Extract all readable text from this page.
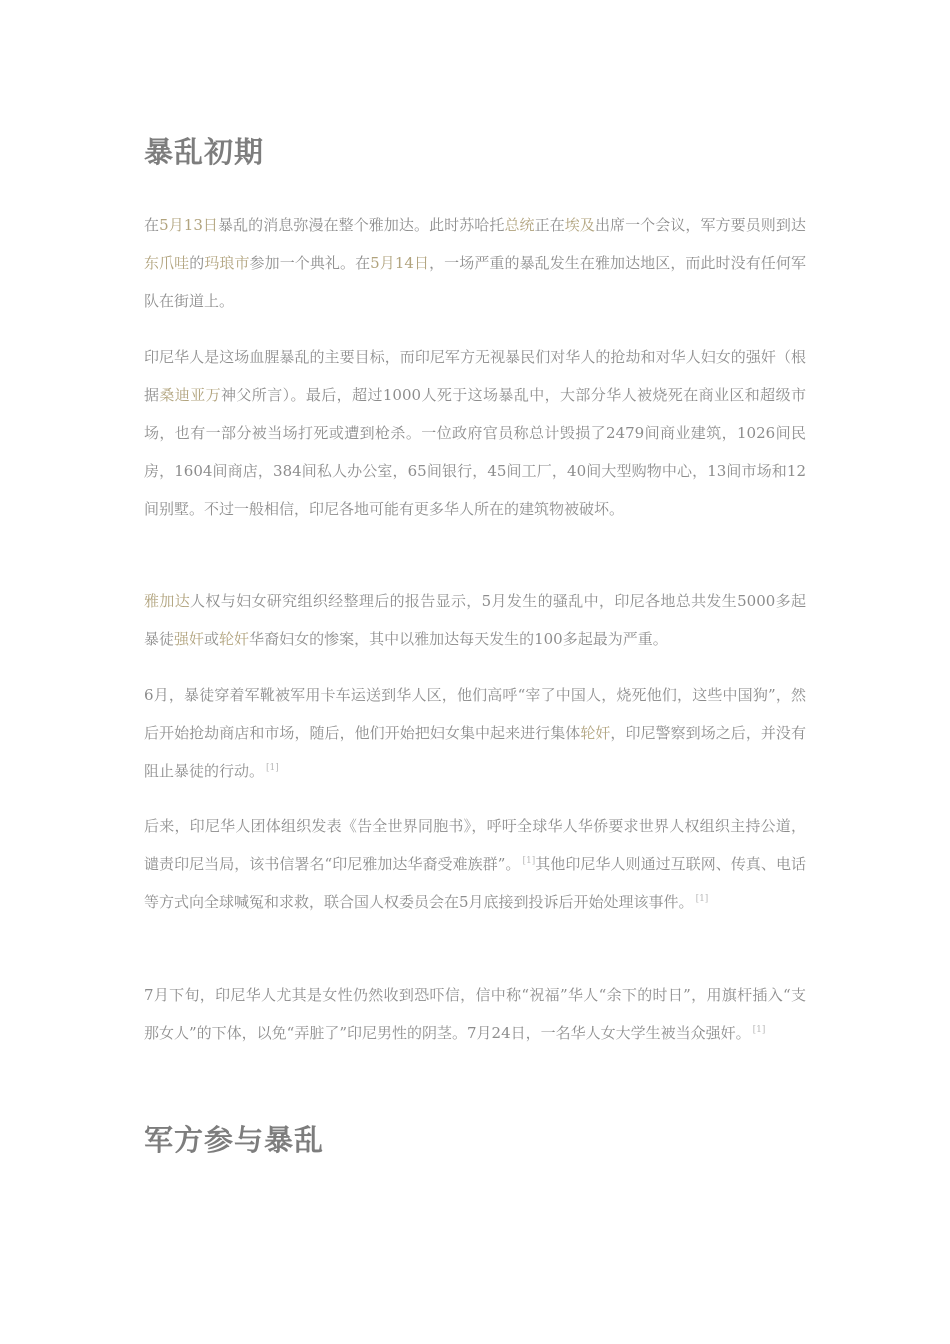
暴乱初期

在5月13日暴乱的消息弥漫在整个雅加达。此时苏哈托总统正在埃及出席一个会议，军方要员则到达东爪哇的玛琅市参加一个典礼。在5月14日，一场严重的暴乱发生在雅加达地区，而此时没有任何军队在街道上。

印尼华人是这场血腥暴乱的主要目标，而印尼军方无视暴民们对华人的抢劫和对华人妇女的强奸（根据桑迪亚万神父所言）。最后，超过1000人死于这场暴乱中，大部分华人被烧死在商业区和超级市场，也有一部分被当场打死或遭到枪杀。一位政府官员称总计毁损了2479间商业建筑，1026间民房，1604间商店，384间私人办公室，65间银行，45间工厂，40间大型购物中心，13间市场和12间别墅。不过一般相信，印尼各地可能有更多华人所在的建筑物被破坏。

雅加达人权与妇女研究组织经整理后的报告显示，5月发生的骚乱中，印尼各地总共发生5000多起暴徒强奸或轮奸华裔妇女的惨案，其中以雅加达每天发生的100多起最为严重。

6月，暴徒穿着军靴被军用卡车运送到华人区，他们高呼“宰了中国人，烧死他们，这些中国狗”，然后开始抢劫商店和市场，随后，他们开始把妇女集中起来进行集体轮奸，印尼警察到场之后，并没有阻止暴徒的行动。 [1]

后来，印尼华人团体组织发表《告全世界同胞书》，呼吁全球华人华侨要求世界人权组织主持公道，谴责印尼当局，该书信署名“印尼雅加达华裔受难族群”。 [1]其他印尼华人则通过互联网、传真、电话等方式向全球喊冤和求救，联合国人权委员会在5月底接到投诉后开始处理该事件。 [1]

7月下旬，印尼华人尤其是女性仍然收到恐吓信，信中称“祝福”华人“余下的时日”，用旗杆插入“支那女人”的下体，以免“弄脏了”印尼男性的阴茎。7月24日，一名华人女大学生被当众强奸。 [1]

军方参与暴乱
